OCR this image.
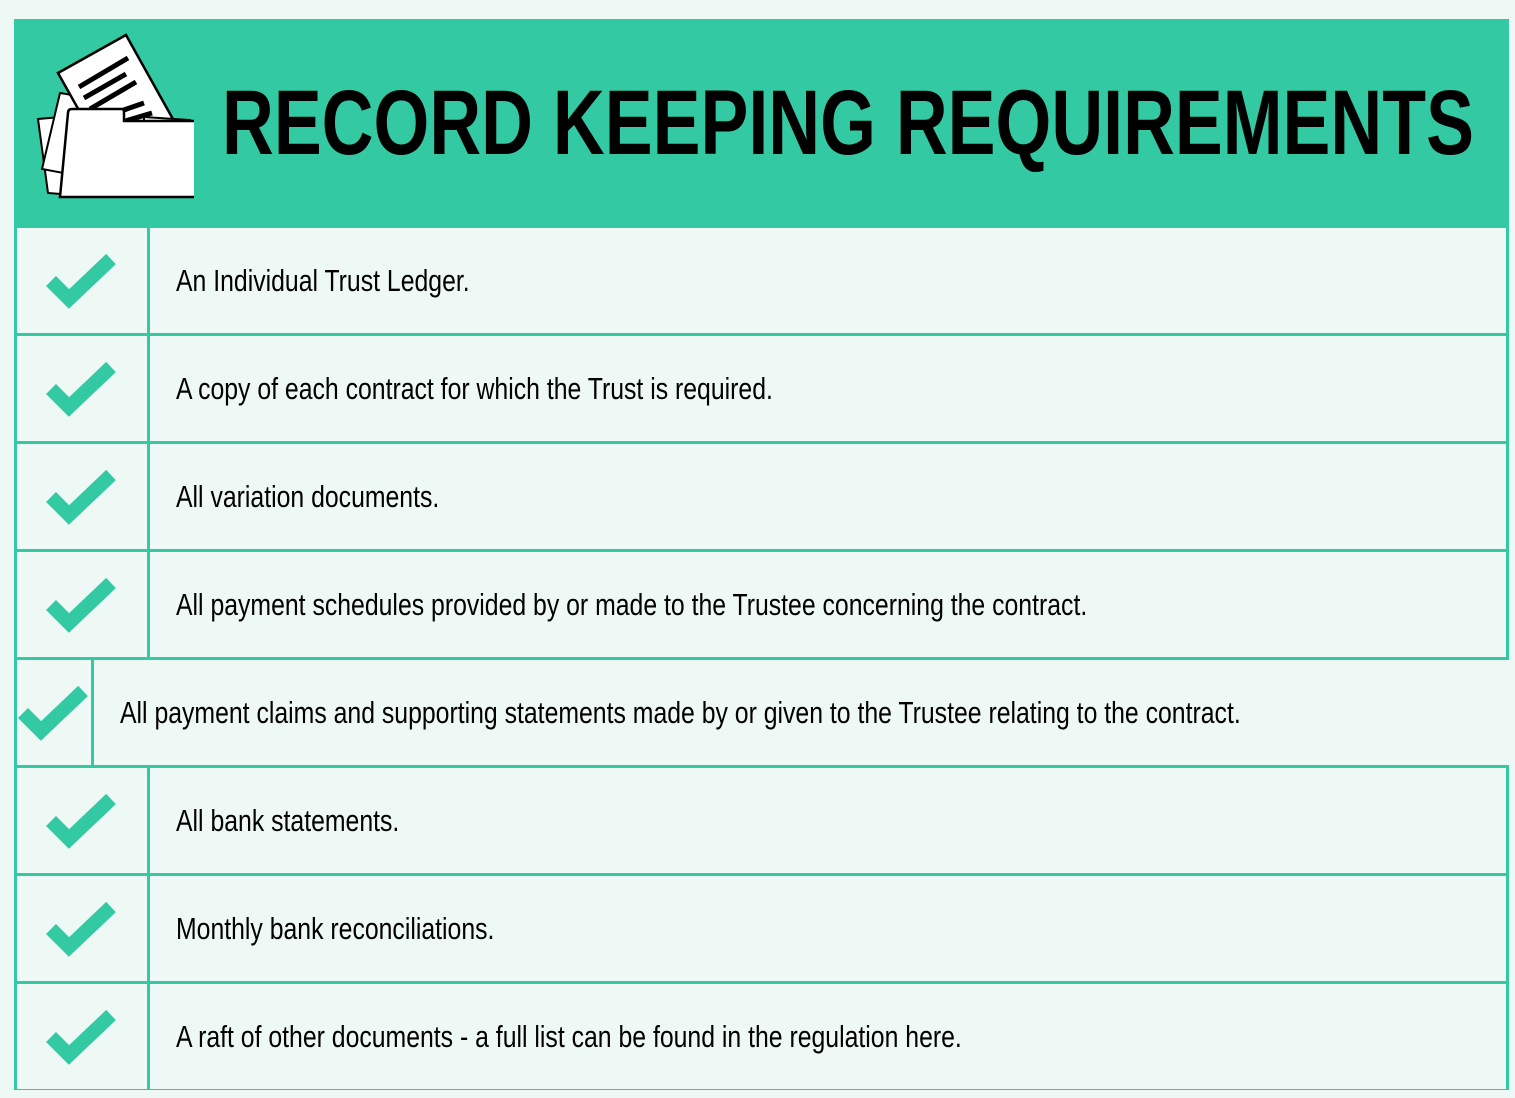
RECORD KEEPING REQUIREMENTS
An Individual Trust Ledger.
A copy of each contract for which the Trust is required.
All variation documents.
All payment schedules provided by or made to the Trustee concerning the contract.
All payment claims and supporting statements made by or given to the Trustee relating to the contract.
All bank statements.
Monthly bank reconciliations.
A raft of other documents - a full list can be found in the regulation here.
